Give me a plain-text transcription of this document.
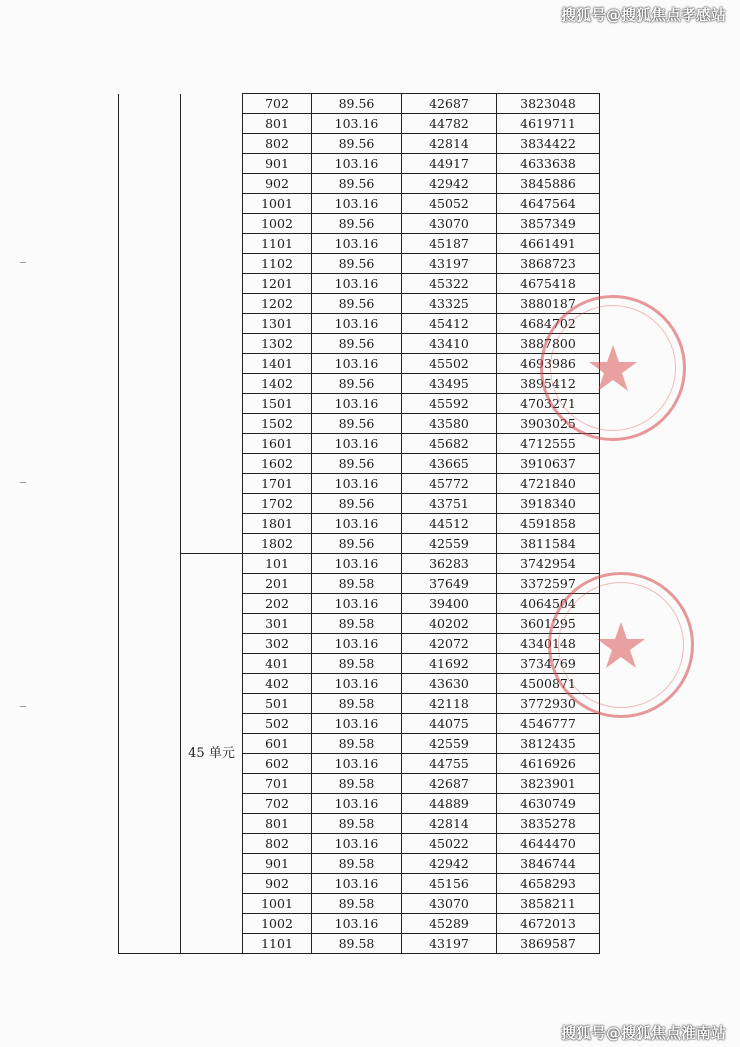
搜狐号@搜狐焦点孝感站
		702	89.56	42687	3823048
		801	103.16	44782	4619711
		802	89.56	42814	3834422
		901	103.16	44917	4633638
		902	89.56	42942	3845886
		1001	103.16	45052	4647564
		1002	89.56	43070	3857349
		1101	103.16	45187	4661491
		1102	89.56	43197	3868723
		1201	103.16	45322	4675418
		1202	89.56	43325	3880187
		1301	103.16	45412	4684702
		1302	89.56	43410	3887800
		1401	103.16	45502	4693986
		1402	89.56	43495	3895412
		1501	103.16	45592	4703271
		1502	89.56	43580	3903025
		1601	103.16	45682	4712555
		1602	89.56	43665	3910637
		1701	103.16	45772	4721840
		1702	89.56	43751	3918340
		1801	103.16	44512	4591858
		1802	89.56	42559	3811584
	45 单元	101	103.16	36283	3742954
		201	89.58	37649	3372597
		202	103.16	39400	4064504
		301	89.58	40202	3601295
		302	103.16	42072	4340148
		401	89.58	41692	3734769
		402	103.16	43630	4500871
		501	89.58	42118	3772930
		502	103.16	44075	4546777
		601	89.58	42559	3812435
		602	103.16	44755	4616926
		701	89.58	42687	3823901
		702	103.16	44889	4630749
		801	89.58	42814	3835278
		802	103.16	45022	4644470
		901	89.58	42942	3846744
		902	103.16	45156	4658293
		1001	89.58	43070	3858211
		1002	103.16	45289	4672013
		1101	89.58	43197	3869587
搜狐号@搜狐焦点淮南站
